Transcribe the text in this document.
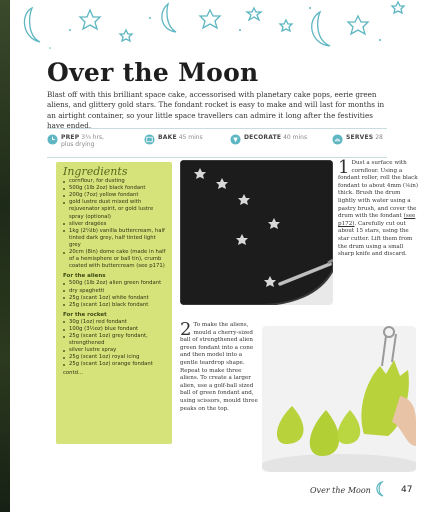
Over the Moon

Blast off with this brilliant space cake, accessorised with planetary cake pops, eerie green aliens, and glittery gold stars. The fondant rocket is easy to make and will last for months in an airtight container, so your little space travellers can admire it long after the festivities have ended.

PREP 3¾ hrs,
plus drying
BAKE 45 mins	DECORATE 40 mins	SERVES 28
Ingredients
cornflour, for dusting
500g (1lb 2oz) black fondant
200g (7oz) yellow fondant
gold lustre dust mixed with rejuvenator spirit, or gold lustre spray (optional)
silver dragées
1kg (2¼lb) vanilla buttercream, half tinted dark grey, half tinted light grey
20cm (8in) dome cake (made in half of a hemisphere or ball tin), crumb coated with buttercream (see p171)
For the aliens
500g (1lb 2oz) alien green fondant
dry spaghetti
25g (scant 1oz) white fondant
25g (scant 1oz) black fondant
For the rocket
30g (1oz) red fondant
100g (3½oz) blue fondant
25g (scant 1oz) grey fondant, strengthened
silver lustre spray
25g (scant 1oz) royal icing
25g (scant 1oz) orange fondant
contd...
1 Dust a surface with cornflour. Using a fondant roller, roll the black fondant to about 4mm (⅛in) thick. Brush the drum lightly with water using a pastry brush, and cover the drum with the fondant (see p172). Carefully cut out about 15 stars, using the star cutter. Lift them from the drum using a small sharp knife and discard.
2 To make the aliens, mould a cherry-sized ball of strengthened alien green fondant into a cone and then model into a gentle teardrop shape. Repeat to make three aliens. To create a larger alien, use a golf-ball sized ball of green fondant and, using scissors, mould three peaks on the top.
Over the Moon	47
